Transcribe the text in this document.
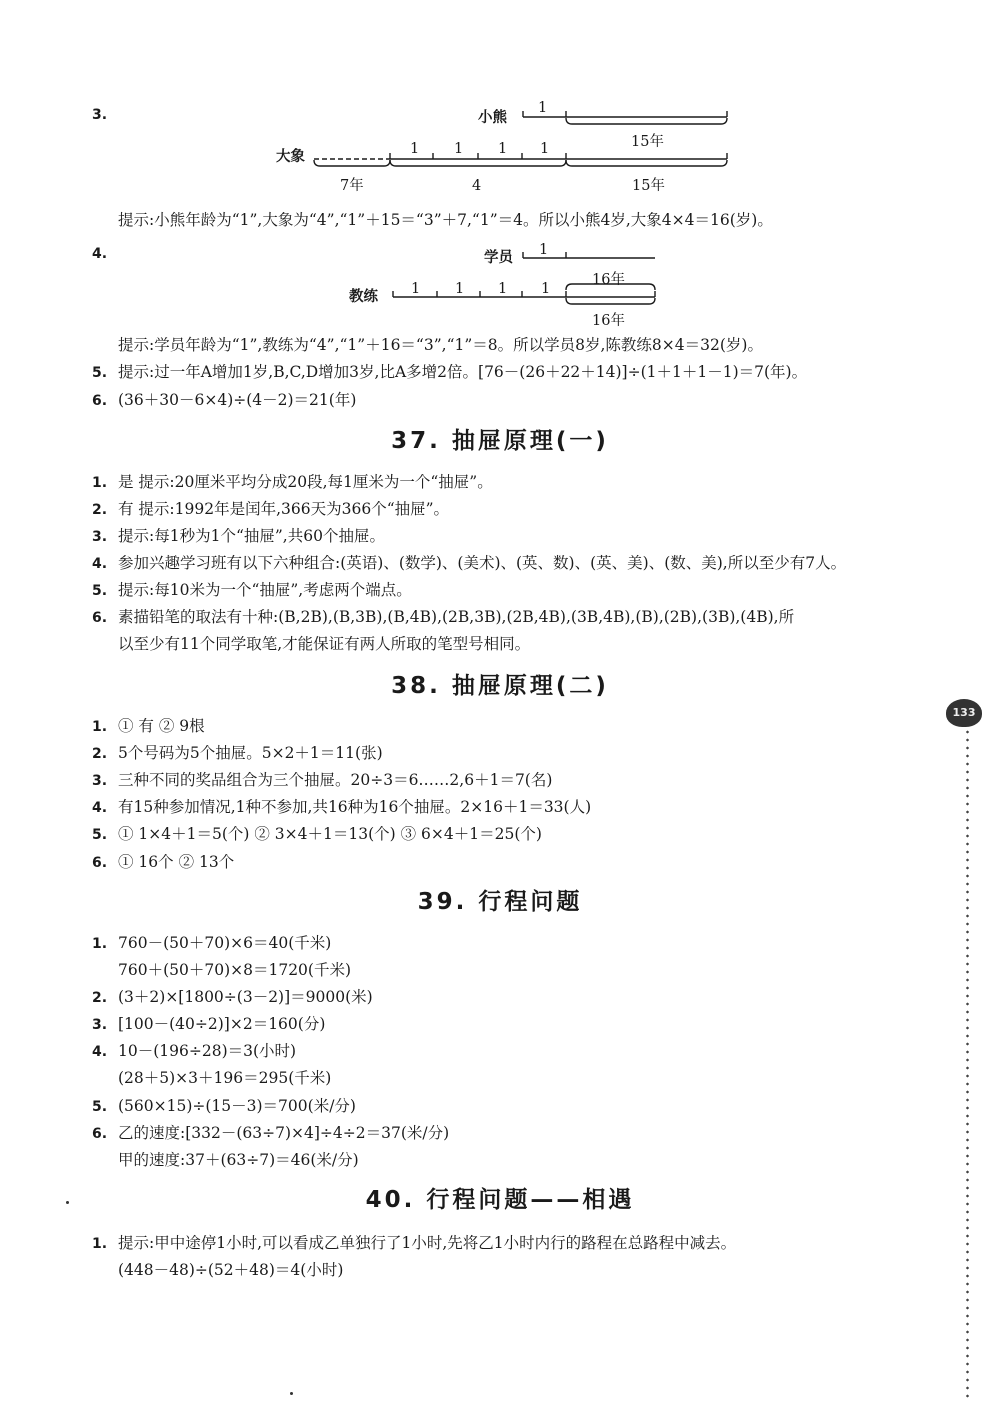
3.	小熊
1
15年
大象	1 1 1 1
7年	4	15年
提示:小熊年龄为“1”,大象为“4”,“1”＋15＝“3”＋7,“1”＝4。所以小熊4岁,大象4×4＝16(岁)。
4.	学员 1
教练 1 1 1 1
16年
16年
提示:学员年龄为“1”,教练为“4”,“1”＋16＝“3”,“1”＝8。所以学员8岁,陈教练8×4＝32(岁)。
5. 提示:过一年A增加1岁,B,C,D增加3岁,比A多增2倍。[76－(26＋22＋14)]÷(1＋1＋1－1)＝7(年)。
6. (36＋30－6×4)÷(4－2)＝21(年)
37. 抽屉原理(一)
1. 是 提示:20厘米平均分成20段,每1厘米为一个“抽屉”。
2. 有 提示:1992年是闰年,366天为366个“抽屉”。
3. 提示:每1秒为1个“抽屉”,共60个抽屉。
4. 参加兴趣学习班有以下六种组合:(英语)、(数学)、(美术)、(英、数)、(英、美)、(数、美),所以至少有7人。
5. 提示:每10米为一个“抽屉”,考虑两个端点。
6. 素描铅笔的取法有十种:(B,2B),(B,3B),(B,4B),(2B,3B),(2B,4B),(3B,4B),(B),(2B),(3B),(4B),所
以至少有11个同学取笔,才能保证有两人所取的笔型号相同。
38. 抽屉原理(二)
1. ① 有 ② 9根
2. 5个号码为5个抽屉。5×2＋1＝11(张)
3. 三种不同的奖品组合为三个抽屉。20÷3＝6……2,6＋1＝7(名)
4. 有15种参加情况,1种不参加,共16种为16个抽屉。2×16＋1＝33(人)
5. ① 1×4＋1＝5(个) ② 3×4＋1＝13(个) ③ 6×4＋1＝25(个)
6. ① 16个 ② 13个
39. 行程问题
1. 760－(50＋70)×6＝40(千米)
760＋(50＋70)×8＝1720(千米)
2. (3＋2)×[1800÷(3－2)]＝9000(米)
3. [100－(40÷2)]×2＝160(分)
4. 10－(196÷28)＝3(小时)
(28＋5)×3＋196＝295(千米)
5. (560×15)÷(15－3)＝700(米/分)
6. 乙的速度:[332－(63÷7)×4]÷4÷2＝37(米/分)
甲的速度:37＋(63÷7)＝46(米/分)
40. 行程问题——相遇
1. 提示:甲中途停1小时,可以看成乙单独行了1小时,先将乙1小时内行的路程在总路程中减去。
(448－48)÷(52＋48)＝4(小时)
133
